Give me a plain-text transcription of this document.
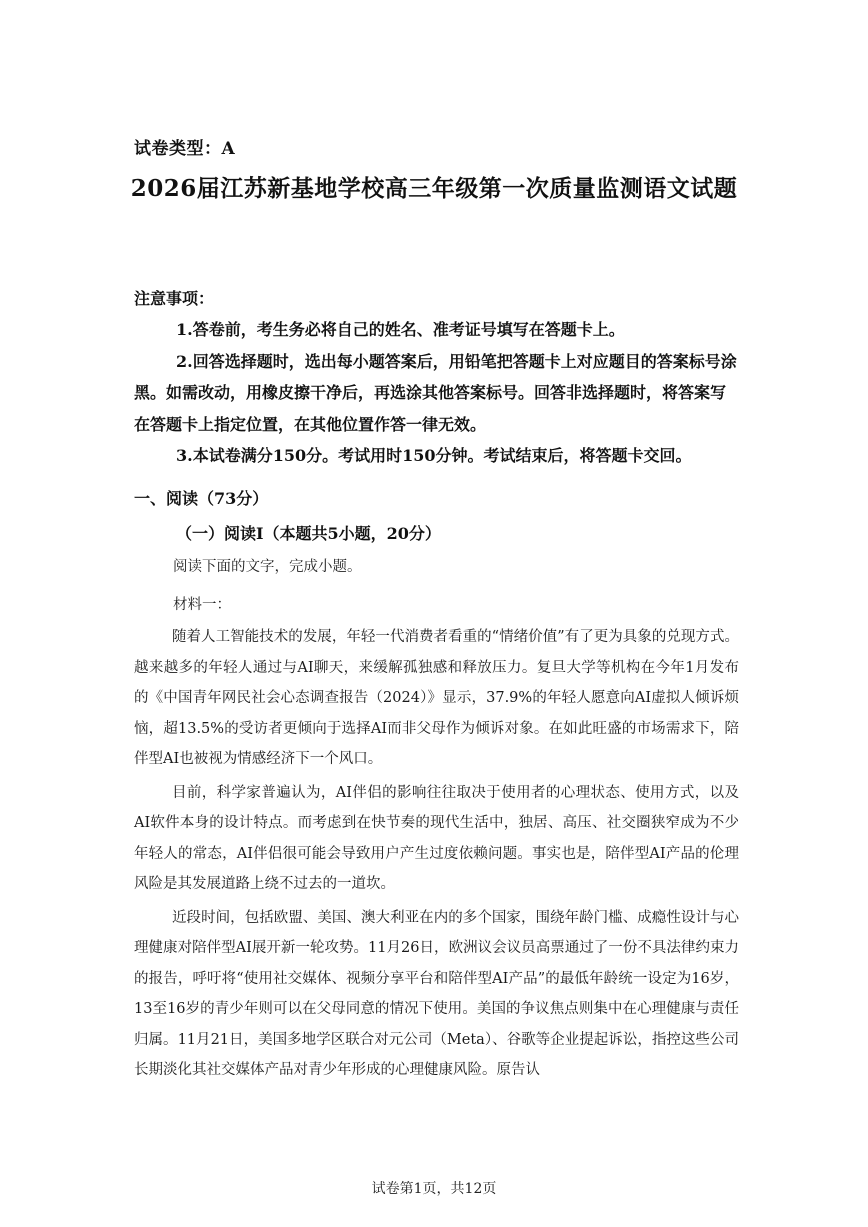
试卷类型：A
2026届江苏新基地学校高三年级第一次质量监测语文试题
注意事项：

1.答卷前，考生务必将自己的姓名、准考证号填写在答题卡上。

2.回答选择题时，选出每小题答案后，用铅笔把答题卡上对应题目的答案标号涂黑。如需改动，用橡皮擦干净后，再选涂其他答案标号。回答非选择题时，将答案写在答题卡上指定位置，在其他位置作答一律无效。

3.本试卷满分150分。考试用时150分钟。考试结束后，将答题卡交回。

一、阅读（73分）
（一）阅读I（本题共5小题，20分）
阅读下面的文字，完成小题。
材料一：

随着人工智能技术的发展，年轻一代消费者看重的“情绪价值”有了更为具象的兑现方式。越来越多的年轻人通过与AI聊天，来缓解孤独感和释放压力。复旦大学等机构在今年1月发布的《中国青年网民社会心态调查报告（2024）》显示，37.9%的年轻人愿意向AI虚拟人倾诉烦恼，超13.5%的受访者更倾向于选择AI而非父母作为倾诉对象。在如此旺盛的市场需求下，陪伴型AI也被视为情感经济下一个风口。

目前，科学家普遍认为，AI伴侣的影响往往取决于使用者的心理状态、使用方式，以及AI软件本身的设计特点。而考虑到在快节奏的现代生活中，独居、高压、社交圈狭窄成为不少年轻人的常态，AI伴侣很可能会导致用户产生过度依赖问题。事实也是，陪伴型AI产品的伦理风险是其发展道路上绕不过去的一道坎。

近段时间，包括欧盟、美国、澳大利亚在内的多个国家，围绕年龄门槛、成瘾性设计与心理健康对陪伴型AI展开新一轮攻势。11月26日，欧洲议会议员高票通过了一份不具法律约束力的报告，呼吁将“使用社交媒体、视频分享平台和陪伴型AI产品”的最低年龄统一设定为16岁，13至16岁的青少年则可以在父母同意的情况下使用。美国的争议焦点则集中在心理健康与责任归属。11月21日，美国多地学区联合对元公司（Meta）、谷歌等企业提起诉讼，指控这些公司长期淡化其社交媒体产品对青少年形成的心理健康风险。原告认

试卷第1页，共12页
